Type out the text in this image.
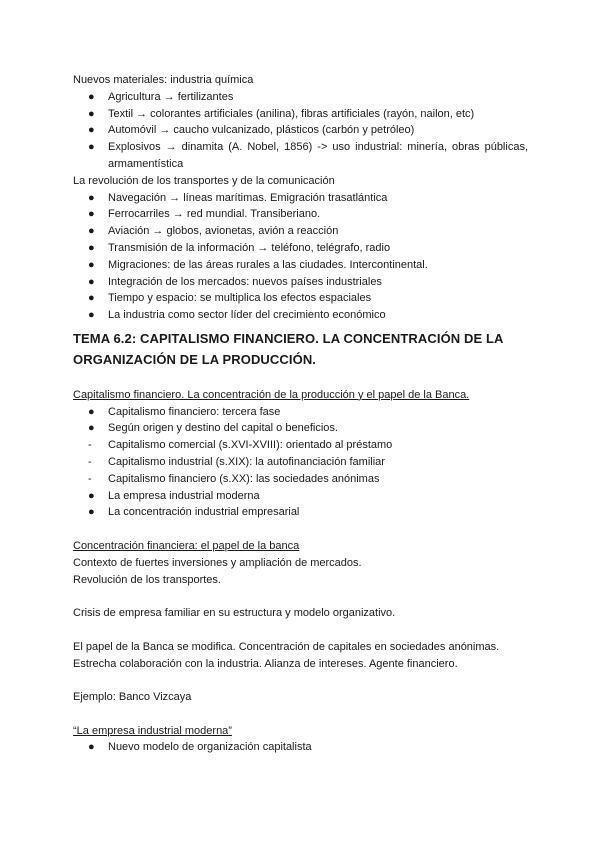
Nuevos materiales: industria química

●	Agricultura → fertilizantes
●	Textil → colorantes artificiales (anilina), fibras artificiales (rayón, nailon, etc)
●	Automóvil → caucho vulcanizado, plásticos (carbón y petróleo)
●	Explosivos → dinamita (A. Nobel, 1856) -> uso industrial: minería, obras públicas, armamentística

La revolución de los transportes y de la comunicación

●	Navegación → líneas marítimas. Emigración trasatlántica
●	Ferrocarriles → red mundial. Transiberiano.
●	Aviación → globos, avionetas, avión a reacción
●	Transmisión de la información → teléfono, telégrafo, radio
●	Migraciones: de las áreas rurales a las ciudades. Intercontinental.
●	Integración de los mercados: nuevos países industriales
●	Tiempo y espacio: se multiplica los efectos espaciales
●	La industria como sector líder del crecimiento económico
TEMA 6.2: CAPITALISMO FINANCIERO. LA CONCENTRACIÓN DE LA ORGANIZACIÓN DE LA PRODUCCIÓN.

Capitalismo financiero. La concentración de la producción y el papel de la Banca.

●	Capitalismo financiero: tercera fase
●	Según origen y destino del capital o beneficios.
-	Capitalismo comercial (s.XVI-XVIII): orientado al préstamo
-	Capitalismo industrial (s.XIX): la autofinanciación familiar
-	Capitalismo financiero (s.XX): las sociedades anónimas
●	La empresa industrial moderna
●	La concentración industrial empresarial

Concentración financiera: el papel de la banca

Contexto de fuertes inversiones y ampliación de mercados.

Revolución de los transportes.

Crisis de empresa familiar en su estructura y modelo organizativo.

El papel de la Banca se modifica. Concentración de capitales en sociedades anónimas.

Estrecha colaboración con la industria. Alianza de intereses. Agente financiero.

Ejemplo: Banco Vizcaya

“La empresa industrial moderna”

●	Nuevo modelo de organización capitalista
